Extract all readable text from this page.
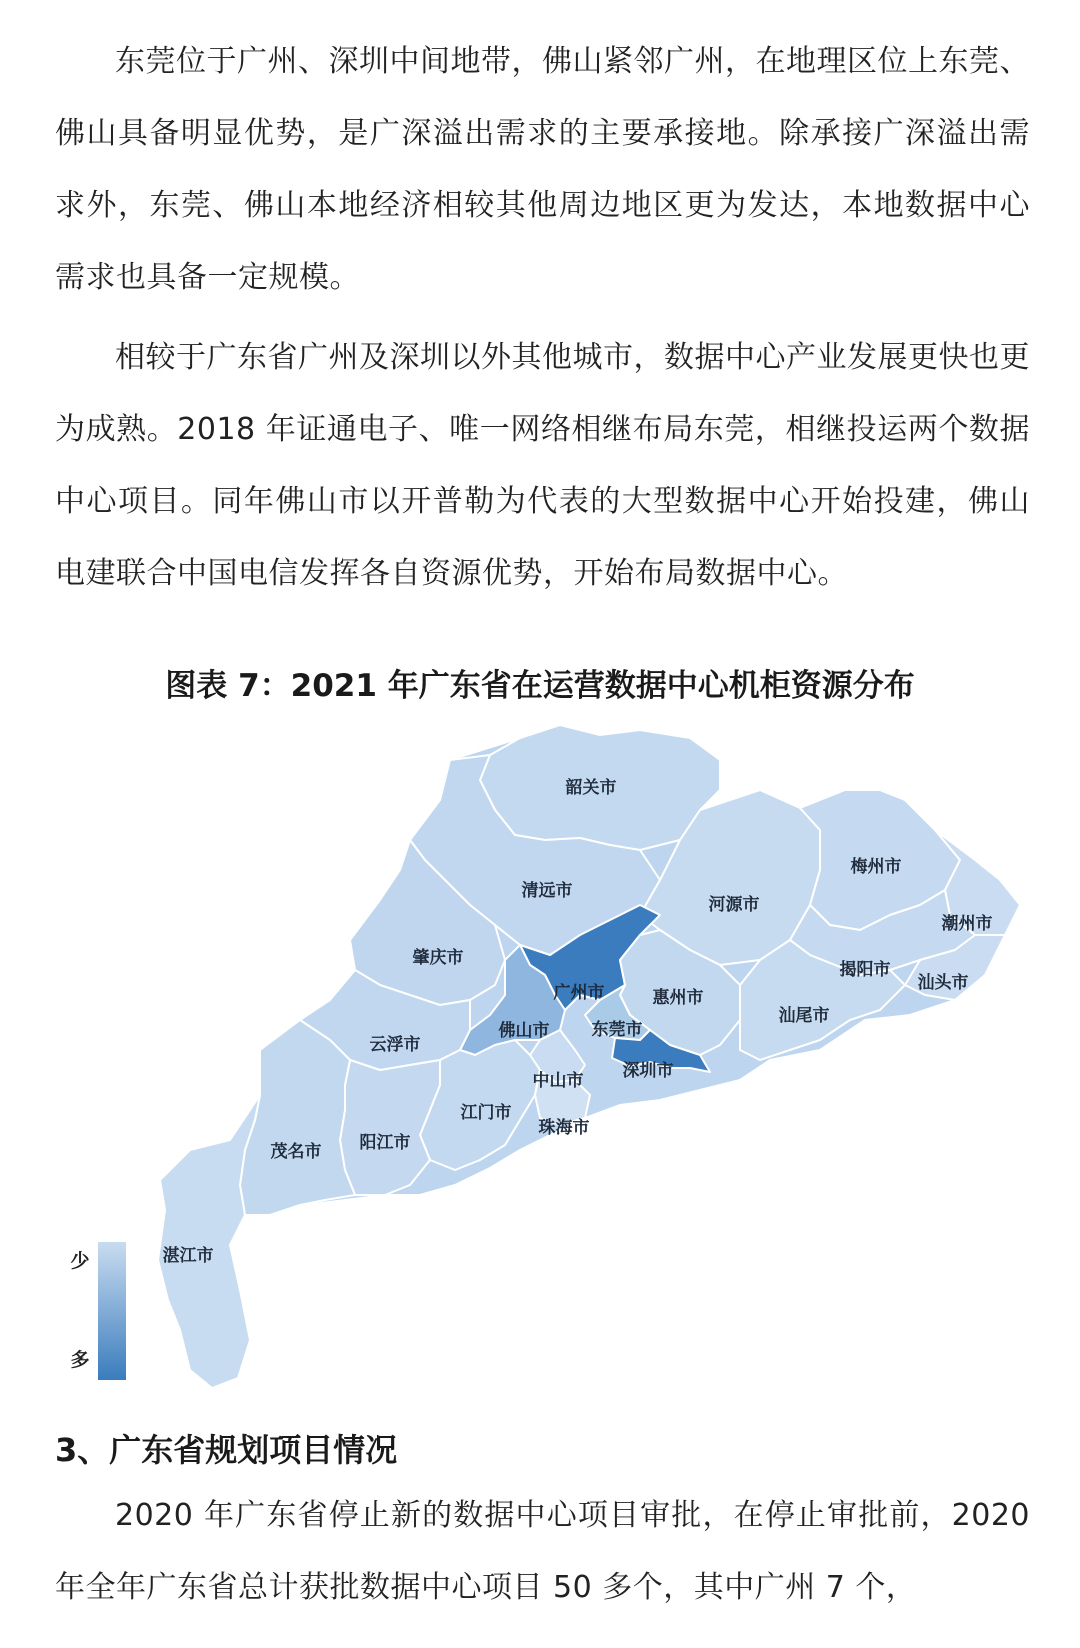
东莞位于广州、深圳中间地带，佛山紧邻广州，在地理区位上东莞、佛山具备明显优势，是广深溢出需求的主要承接地。除承接广深溢出需求外，东莞、佛山本地经济相较其他周边地区更为发达，本地数据中心需求也具备一定规模。

相较于广东省广州及深圳以外其他城市，数据中心产业发展更快也更为成熟。2018 年证通电子、唯一网络相继布局东莞，相继投运两个数据中心项目。同年佛山市以开普勒为代表的大型数据中心开始投建，佛山电建联合中国电信发挥各自资源优势，开始布局数据中心。

图表 7：2021 年广东省在运营数据中心机柜资源分布
韶关市
清远市
河源市
梅州市
潮州市
肇庆市
广州市	惠州市
揭阳市
汕头市
佛山市 东莞市
汕尾市
云浮市
深圳市
中山市
江门市
珠海市
阳江市
茂名市
湛江市
少
多
3、广东省规划项目情况

2020 年广东省停止新的数据中心项目审批，在停止审批前，2020 年全年广东省总计获批数据中心项目 50 多个，其中广州 7 个，
